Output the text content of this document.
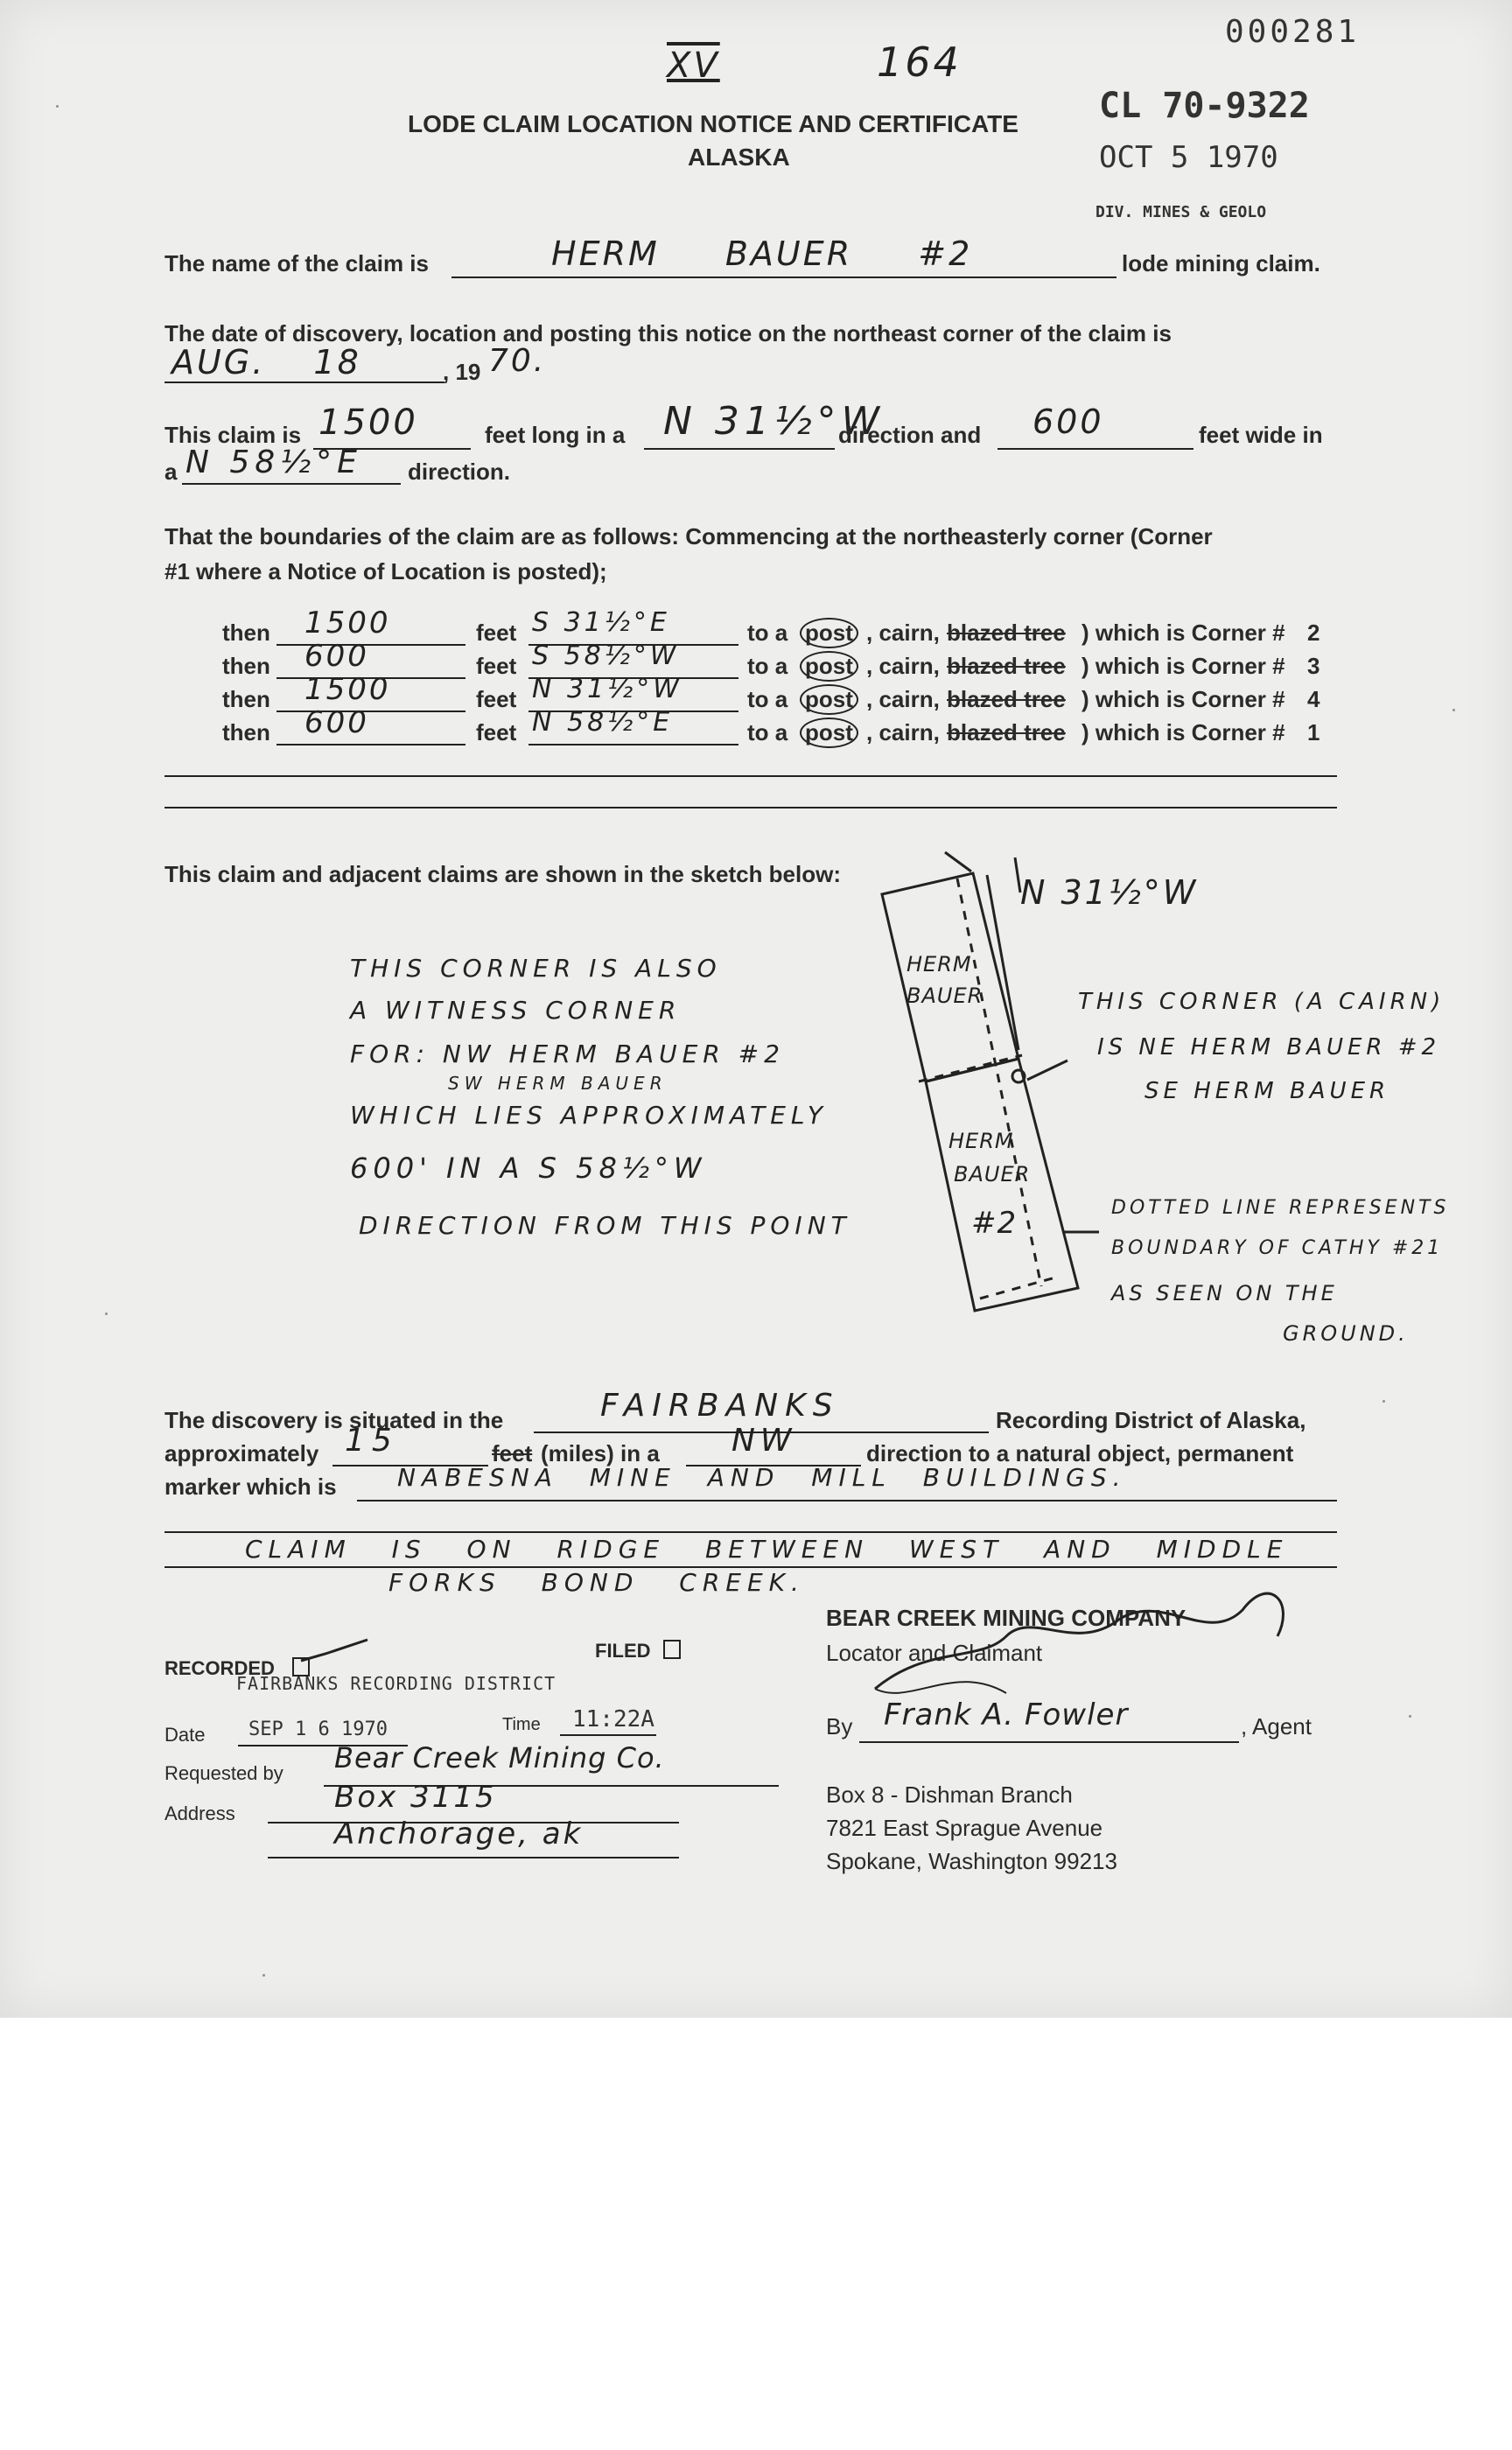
000281
XV	164
CL 70-9322
LODE CLAIM LOCATION NOTICE AND CERTIFICATE
ALASKA	OCT 5 1970
DIV. MINES & GEOLO
The name of the claim is	HERM BAUER #2	lode mining claim.
The date of discovery, location and posting this notice on the northeast corner of the claim is
AUG. 18	, 19 70.
This claim is 1500	feet long in a N 31½°W
direction and 600	feet wide in
a N 58½°E direction.
That the boundaries of the claim are as follows: Commencing at the northeasterly corner (Corner
#1 where a Notice of Location is posted);
then 1500	feet S 31½°E	to a post , cairn, blazed tree ) which is Corner # 2
then 600	feet S 58½°W	to a post , cairn, blazed tree ) which is Corner # 3
then 1500	feet N 31½°W	to a post , cairn, blazed tree ) which is Corner # 4
then 600	feet N 58½°E	to a post , cairn, blazed tree ) which is Corner # 1
This claim and adjacent claims are shown in the sketch below:	N 31½°W
THIS CORNER IS ALSO
A WITNESS CORNER
FOR: NW HERM BAUER #2
SW HERM BAUER
WHICH LIES APPROXIMATELY
600' IN A S 58½°W
DIRECTION FROM THIS POINT
HERM
BAUER
HERM
BAUER
#2
THIS CORNER (A CAIRN)
IS NE HERM BAUER #2
SE HERM BAUER
DOTTED LINE REPRESENTS
BOUNDARY OF CATHY #21
AS SEEN ON THE
GROUND.
The discovery is situated in the	FAIRBANKS	Recording District of Alaska,
approximately 15	feet (miles) in a NW	direction to a natural object, permanent
marker which is NABESNA MINE AND MILL BUILDINGS.
CLAIM IS ON RIDGE BETWEEN WEST AND MIDDLE
FORKS BOND CREEK.
BEAR CREEK MINING COMPANY
Locator and Claimant
By Frank A. Fowler	, Agent
Box 8 - Dishman Branch
7821 East Sprague Avenue
Spokane, Washington 99213
RECORDED
FILED
FAIRBANKS RECORDING DISTRICT
Date SEP 1 6 1970	Time 11:22A
Requested by Bear Creek Mining Co.
Address	Box 3115
Anchorage, ak
